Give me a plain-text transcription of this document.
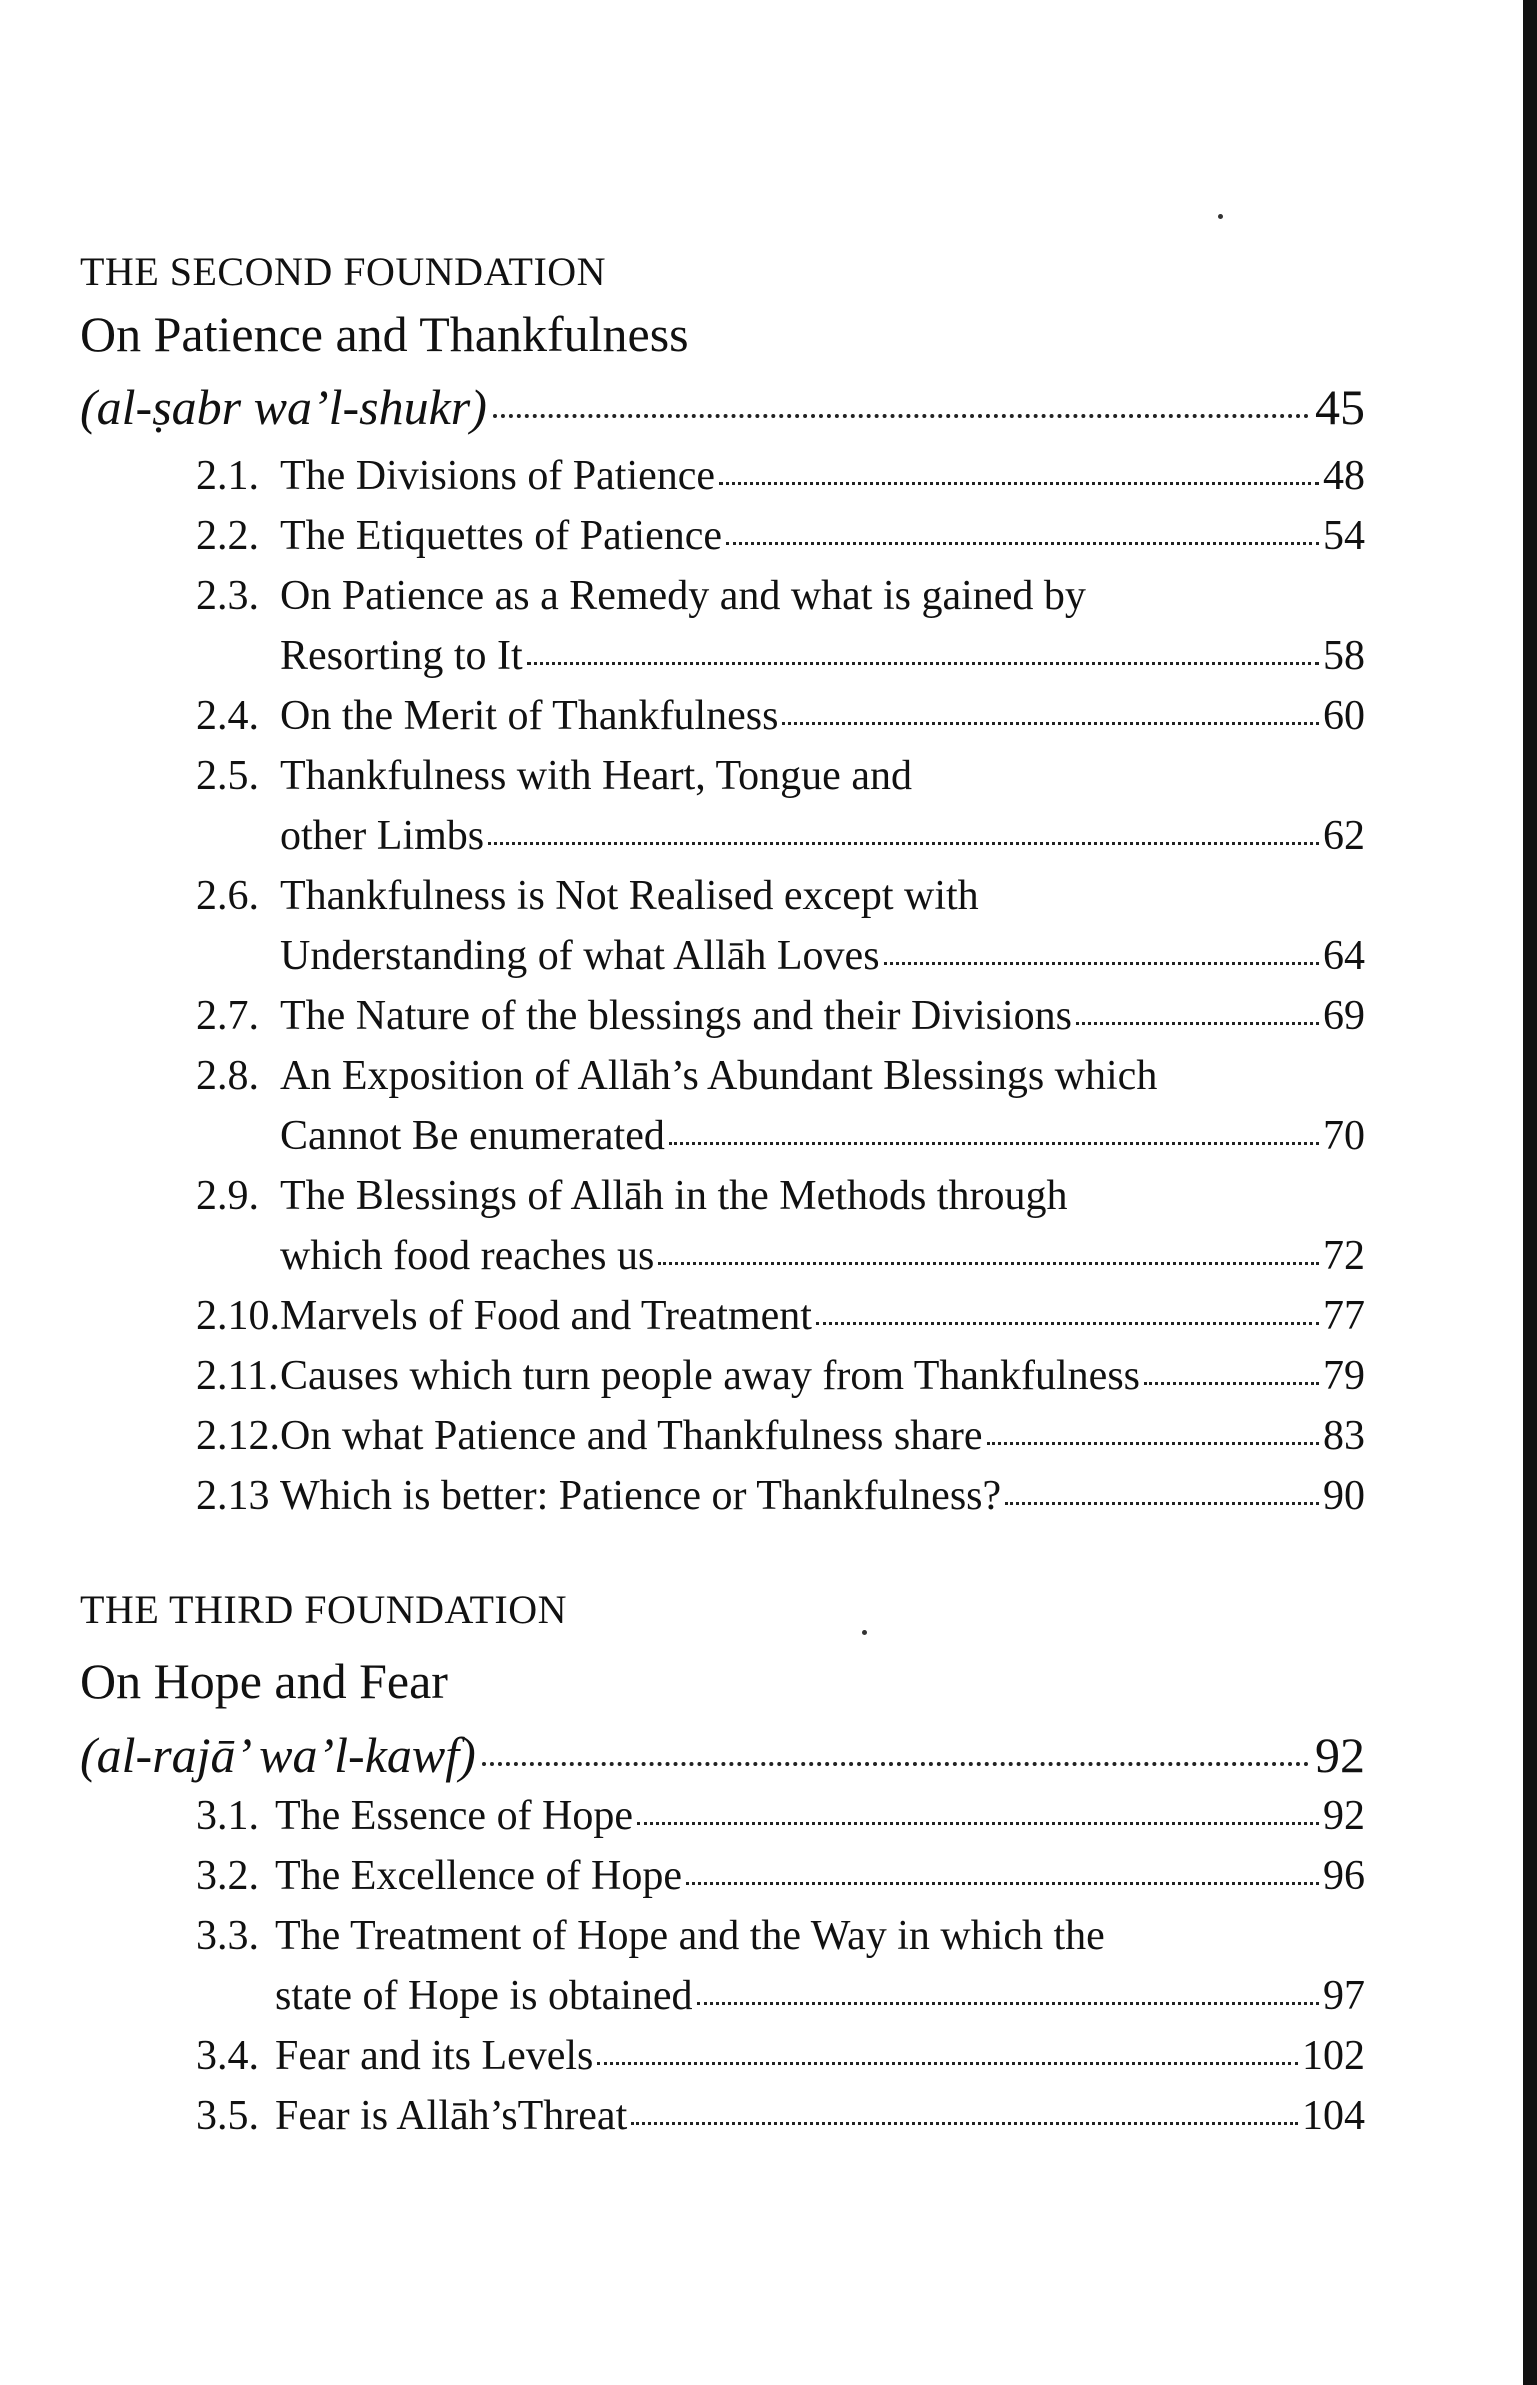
THE SECOND FOUNDATION
On Patience and Thankfulness
(al-ṣabr wa’l-shukr)	45
2.1. The Divisions of Patience	48
2.2. The Etiquettes of Patience	54
2.3. On Patience as a Remedy and what is gained by
Resorting to It	58
2.4. On the Merit of Thankfulness	60
2.5. Thankfulness with Heart, Tongue and
other Limbs	62
2.6. Thankfulness is Not Realised except with
Understanding of what Allāh Loves	64
2.7. The Nature of the blessings and their Divisions	69
2.8. An Exposition of Allāh’s Abundant Blessings which
Cannot Be enumerated	70
2.9. The Blessings of Allāh in the Methods through
which food reaches us	72
2.10. Marvels of Food and Treatment	77
2.11. Causes which turn people away from Thankfulness	79
2.12. On what Patience and Thankfulness share	83
2.13 Which is better: Patience or Thankfulness?	90
THE THIRD FOUNDATION
On Hope and Fear
(al-rajā’ wa’l-kawf)	92
3.1. The Essence of Hope	92
3.2. The Excellence of Hope	96
3.3. The Treatment of Hope and the Way in which the
state of Hope is obtained	97
3.4. Fear and its Levels	102
3.5. Fear is Allāh’sThreat	104
